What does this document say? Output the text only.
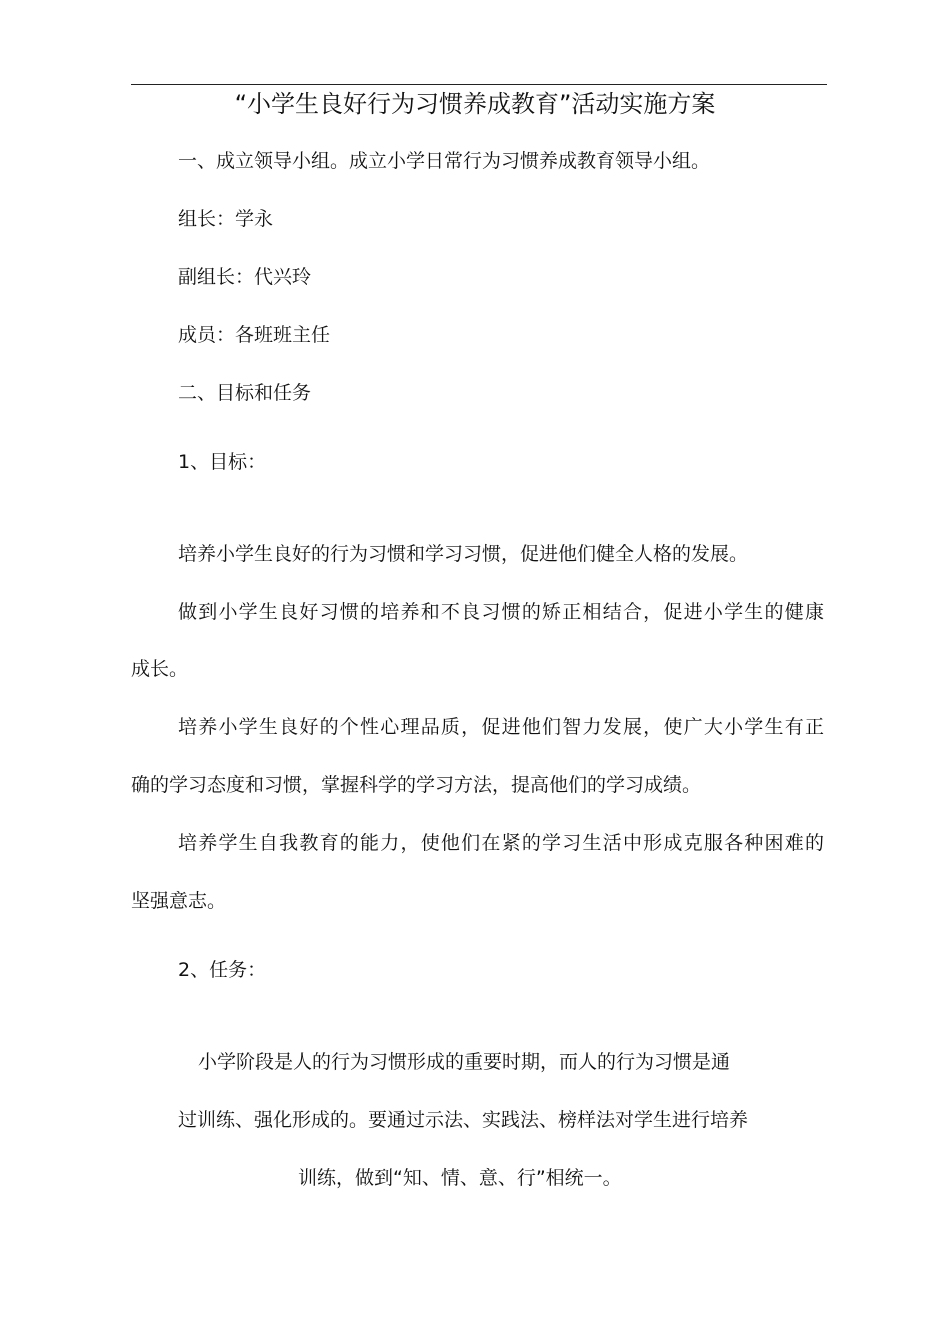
“小学生良好行为习惯养成教育”活动实施方案
一、成立领导小组。成立小学日常行为习惯养成教育领导小组。
组长：学永
副组长：代兴玲
成员：各班班主任
二、目标和任务
1、目标：
培养小学生良好的行为习惯和学习习惯，促进他们健全人格的发展。
做到小学生良好习惯的培养和不良习惯的矫正相结合，促进小学生的健康
成长。
培养小学生良好的个性心理品质，促进他们智力发展，使广大小学生有正
确的学习态度和习惯，掌握科学的学习方法，提高他们的学习成绩。
培养学生自我教育的能力，使他们在紧的学习生活中形成克服各种困难的
坚强意志。
2、任务：
小学阶段是人的行为习惯形成的重要时期，而人的行为习惯是通
过训练、强化形成的。要通过示法、实践法、榜样法对学生进行培养
训练，做到“知、情、意、行”相统一。
